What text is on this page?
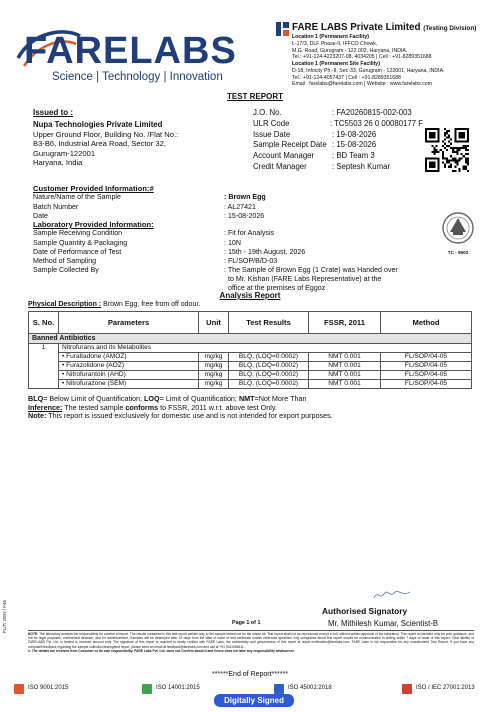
FARELABS
Science | Technology | Innovation
FARE LABS Private Limited (Testing Division)
Location 1 (Permanent Facility)
L-17/3, DLF Phase-II, IFFCO Chowk,
M.G. Road, Gurugram - 122 002, Haryana, INDIA.
Tel.: +91-124-4223207-08, 4034205 | Cell : +91-8289351688
Location 1 (Permanent Site Facility)
D-18, Infocity Ph.-II, Sec-33, Gurugram - 122001, Haryana, INDIA.
Tel.: +91-124-4057437 | Cell : +91-8289351688
Email : farelabs@farelabs.com | Website : www.farelabs.com
TEST REPORT
Issued to :
Nupa Technologies Private Limited
Upper Ground Floor, Building No. /Flat No.:
B3-B6, Industrial Area Road, Sector 32,
Gurugram-122001
Haryana, India
J.O. No.	: FA20260815-002-003
ULR Code	: TC5503 26 0 00080177 F
Issue Date	: 19-08-2026
Sample Receipt Date : 15-08-2026
Account Manager	: BD Team 3
Credit Manager	: Septesh Kumar
Customer Provided Information:#
Nature/Name of the Sample	: Brown Egg
Batch Number	: AL27421
Date	: 15-08-2026
Laboratory Provided Information:
Sample Receiving Condition	: Fit for Analysis
Sample Quantity & Packaging	: 10N
Date of Performance of Test	: 15th - 19th August, 2026
Method of Sampling	: FL/SOP/B/D-03
Sample Collected By	: The Sample of Brown Egg (1 Crate) was Handed over
to Mr. Kishan (FARE Labs Representative) at the
office at the premises of Eggoz
TC - 5503
Analysis Report
Physical Description : Brown Egg, free from off odour.
S. No.	Parameters	Unit	Test Results	FSSR, 2011	Method
Banned Antibiotics					
1	Nitrofurans and its Metabolites				
	• Furaltadone (AMOZ)	mg/kg	BLQ, (LOQ=0.0002)	NMT 0.001	FL/SOP/04-05
	• Furazolidone (AOZ)	mg/kg	BLQ, (LOQ=0.0002)	NMT 0.001	FL/SOP/04-05
	• Nitrofurantoin (AHD)	mg/kg	BLQ, (LOQ=0.0002)	NMT 0.001	FL/SOP/04-05
	• Nitrofurazone (SEM)	mg/kg	BLQ, (LOQ=0.0002)	NMT 0.001	FL/SOP/04-05
BLQ= Below Limit of Quantification; LOQ= Limit of Quantification; NMT=Not More Than
Inference: The tested sample conforms to FSSR, 2011 w.r.t. above test Only.
Note: This report is issued exclusively for domestic use and is not intended for export purposes.
Authorised Signatory
Mr. Mithilesh Kumar, Scientist-B
Page 1 of 1
FL/T/ GEN / F45
NOTE: The laboratory accepts the responsibility for content of report. The results contained in this test report pertain only to the sample tested not for the whole lot. Test report shall not be reproduced except in full, without written approval of the laboratory. This report is intended only for your guidance, and not for legal purposes, commercial decision, and for advertisement. Samples will be destroyed after 15 days from the date of issue of test certificate unless otherwise specified. Any complaints about this report should be communicated in writing within 7 days of issue of this report. Total liability of FARELABS Pvt. Ltd. is limited to invoiced amount only. The signature of this report is required to kindly confirm with FARE Labs, the authenticity and genuineness of this report at report.verification@farelabs.com. FARE Labs is not responsible for any unauthorized Test Report. If you have any complaint/feedback regarding the sample collection/testing/test report, please send an email at feedback@farelabs.com and call at +91 9311066611.
#: The details are received from Customer or its own responsibility. FARE Labs Pvt. Ltd. does not Confirm about it and hence does not take any responsibility whatsoever.
******End of Report******
ISO 9001:2015	ISO 14001:2015	ISO 45001:2018	ISO / IEC 27001:2013
Digitally Signed
